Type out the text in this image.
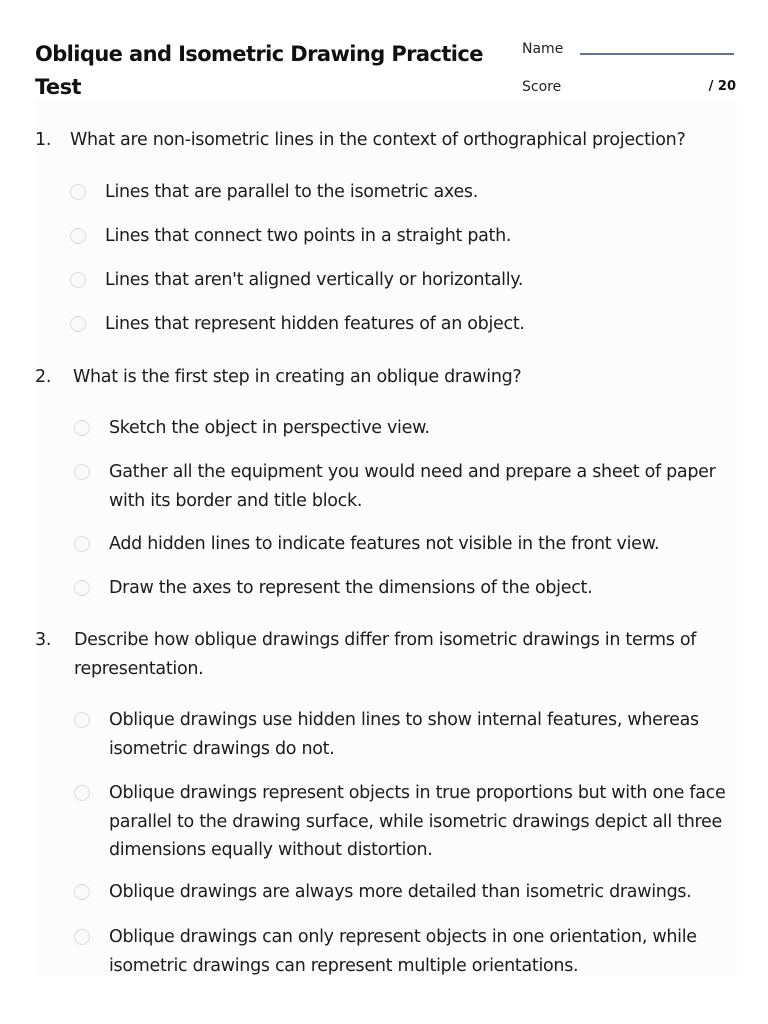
Oblique and Isometric Drawing Practice Test
Name
Score	/ 20
1. What are non-isometric lines in the context of orthographical projection?
Lines that are parallel to the isometric axes.
Lines that connect two points in a straight path.
Lines that aren't aligned vertically or horizontally.
Lines that represent hidden features of an object.
2. What is the first step in creating an oblique drawing?
Sketch the object in perspective view.
Gather all the equipment you would need and prepare a sheet of paper with its border and title block.
Add hidden lines to indicate features not visible in the front view.
Draw the axes to represent the dimensions of the object.
3. Describe how oblique drawings differ from isometric drawings in terms of representation.
Oblique drawings use hidden lines to show internal features, whereas isometric drawings do not.
Oblique drawings represent objects in true proportions but with one face parallel to the drawing surface, while isometric drawings depict all three dimensions equally without distortion.
Oblique drawings are always more detailed than isometric drawings.
Oblique drawings can only represent objects in one orientation, while isometric drawings can represent multiple orientations.
